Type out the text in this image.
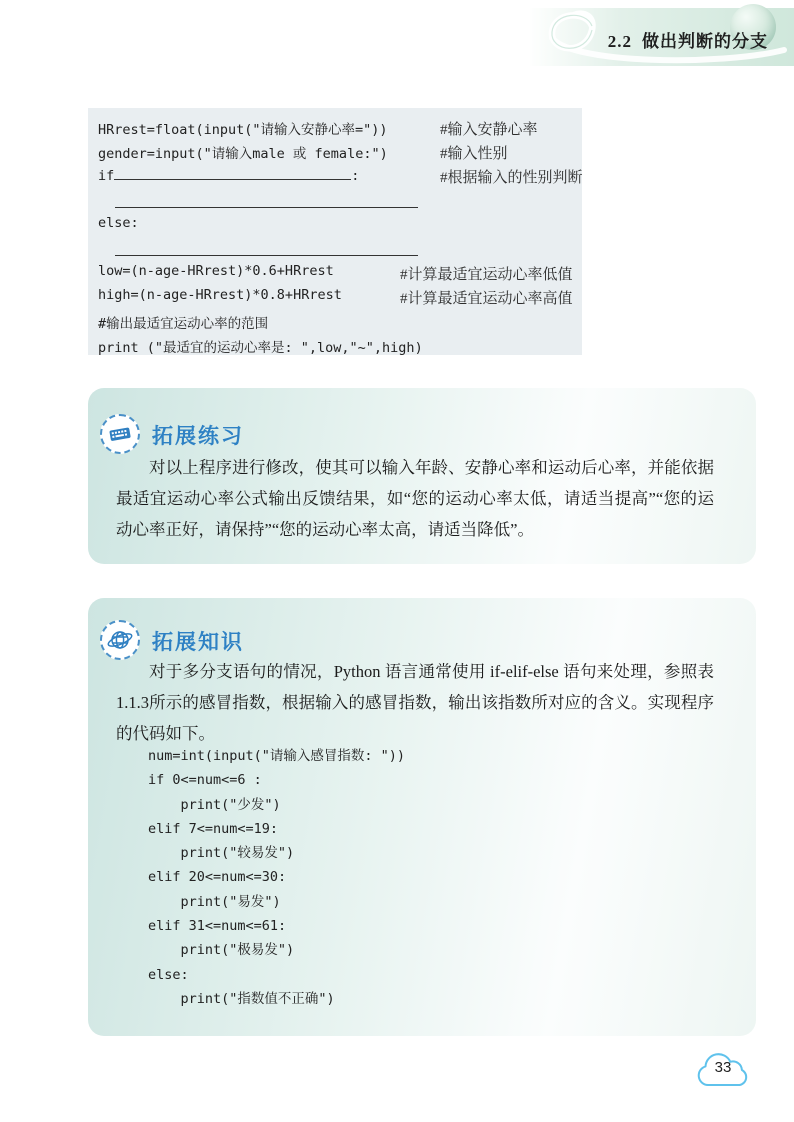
2.2 做出判断的分支
HRrest=float(input("请输入安静心率="))	#输入安静心率
gender=input("请输入male 或 female:")	#输入性别
if	:	#根据输入的性别判断
else:
low=(n-age-HRrest)*0.6+HRrest	#计算最适宜运动心率低值
high=(n-age-HRrest)*0.8+HRrest	#计算最适宜运动心率高值
#输出最适宜运动心率的范围
print ("最适宜的运动心率是: ",low,"~",high)
拓展练习
对以上程序进行修改，使其可以输入年龄、安静心率和运动后心率，并能依据最适宜运动心率公式输出反馈结果，如“您的运动心率太低，请适当提高”“您的运动心率正好，请保持”“您的运动心率太高，请适当降低”。
拓展知识
对于多分支语句的情况，Python 语言通常使用 if-elif-else 语句来处理，参照表1.1.3所示的感冒指数，根据输入的感冒指数，输出该指数所对应的含义。实现程序的代码如下。
num=int(input("请输入感冒指数: "))
if 0<=num<=6 :
print("少发")
elif 7<=num<=19:
print("较易发")
elif 20<=num<=30:
print("易发")
elif 31<=num<=61:
print("极易发")
else:
print("指数值不正确")
33
